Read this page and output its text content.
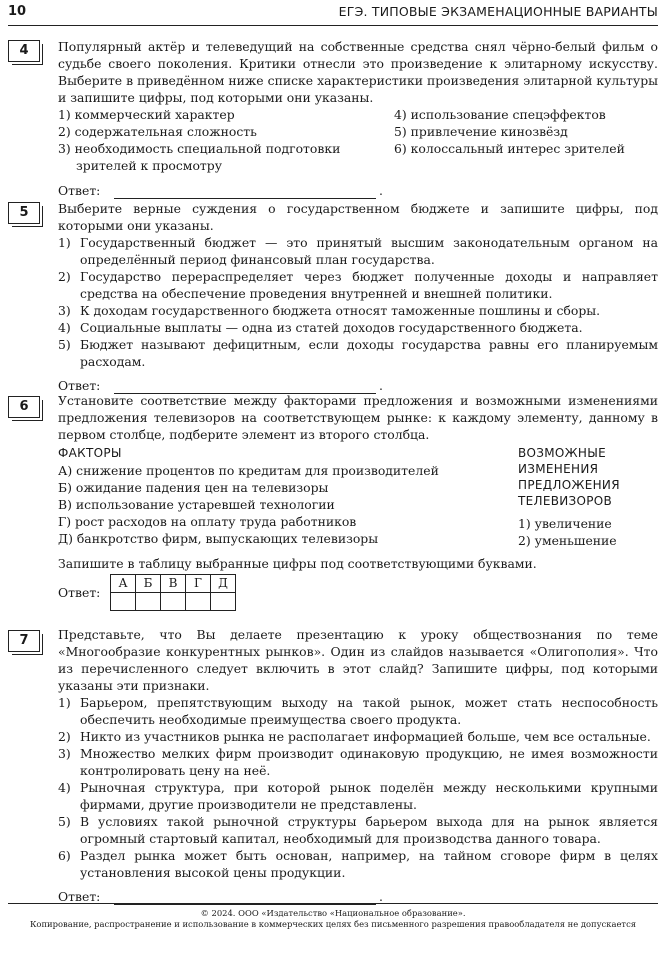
10	ЕГЭ. ТИПОВЫЕ ЭКЗАМЕНАЦИОННЫЕ ВАРИАНТЫ
4	Популярный актёр и телеведущий на собственные средства снял чёрно-белый фильм о судьбе своего поколения. Критики отнесли это произведение к элитарному искусству. Выберите в приведённом ниже списке характеристики произведения элитарной культуры и запишите цифры, под которыми они указаны.

1) коммерческий характер	4) использование спецэффектов
2) содержательная сложность	5) привлечение кинозвёзд
3) необходимость специальной подготовки зрителей к просмотру
6) колоссальный интерес зрителей
Ответ:	.
5	Выберите верные суждения о государственном бюджете и запишите цифры, под которыми они указаны.

1) Государственный бюджет — это принятый высшим законодательным органом на определённый период финансовый план государства.

2) Государство перераспределяет через бюджет полученные доходы и направляет средства на обеспечение проведения внутренней и внешней политики.

3) К доходам государственного бюджета относят таможенные пошлины и сборы.

4) Социальные выплаты — одна из статей доходов государственного бюджета.

5) Бюджет называют дефицитным, если доходы государства равны его планируемым расходам.

Ответ:	.
6	Установите соответствие между факторами предложения и возможными изменениями предложения телевизоров на соответствующем рынке: к каждому элементу, данному в первом столбце, подберите элемент из второго столбца.

ФАКТОРЫ
А) снижение процентов по кредитам для производителей
Б) ожидание падения цен на телевизоры
В) использование устаревшей технологии
Г) рост расходов на оплату труда работников
Д) банкротство фирм, выпускающих телевизоры
ВОЗМОЖНЫЕ
ИЗМЕНЕНИЯ
ПРЕДЛОЖЕНИЯ
ТЕЛЕВИЗОРОВ
1) увеличение
2) уменьшение

Запишите в таблицу выбранные цифры под соответствующими буквами.

Ответ:
А	Б	В	Г	Д

7	Представьте, что Вы делаете презентацию к уроку обществознания по теме «Многообразие конкурентных рынков». Один из слайдов называется «Олигополия». Что из перечисленного следует включить в этот слайд? Запишите цифры, под которыми указаны эти признаки.

1) Барьером, препятствующим выходу на такой рынок, может стать неспособность обеспечить необходимые преимущества своего продукта.

2) Никто из участников рынка не располагает информацией больше, чем все остальные.

3) Множество мелких фирм производит одинаковую продукцию, не имея возможности контролировать цену на неё.

4) Рыночная структура, при которой рынок поделён между несколькими крупными фирмами, другие производители не представлены.

5) В условиях такой рыночной структуры барьером выхода для на рынок является огромный стартовый капитал, необходимый для производства данного товара.

6) Раздел рынка может быть основан, например, на тайном сговоре фирм в целях установления высокой цены продукции.

Ответ:	.
© 2024. ООО «Издательство «Национальное образование».
Копирование, распространение и использование в коммерческих целях без письменного разрешения правообладателя не допускается
